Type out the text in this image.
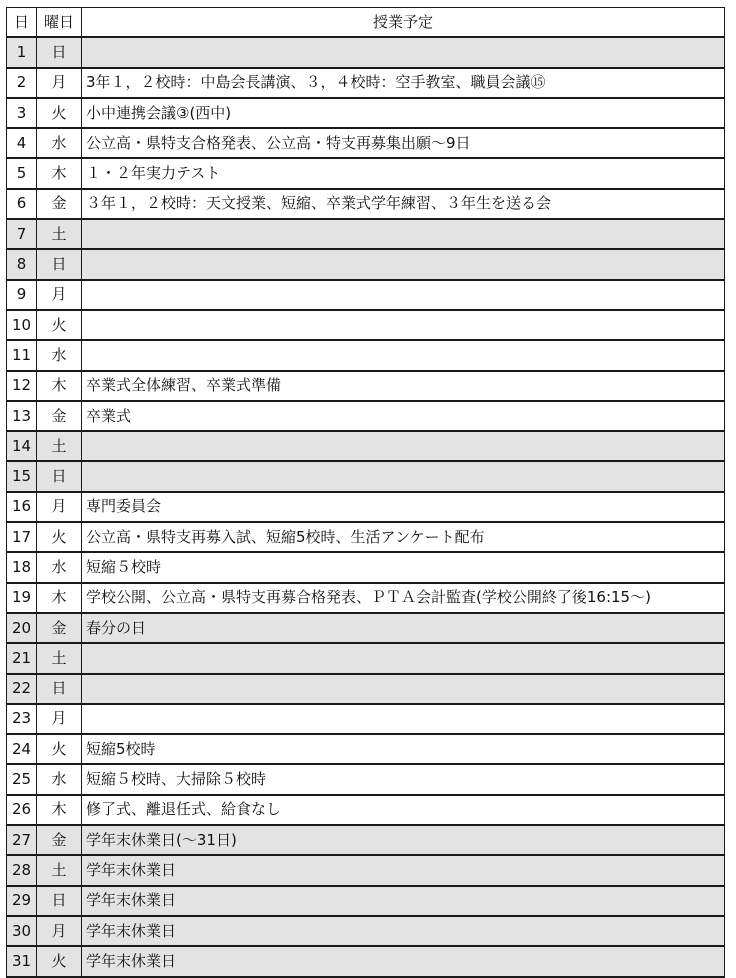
日	曜日	授業予定
1	日	
2	月	3年１，２校時：中島会長講演、３，４校時：空手教室、職員会議⑮
3	火	小中連携会議③(西中)
4	水	公立高・県特支合格発表、公立高・特支再募集出願～9日
5	木	１・２年実力テスト
6	金	３年１，２校時：天文授業、短縮、卒業式学年練習、３年生を送る会
7	土	
8	日	
9	月	
10	火	
11	水	
12	木	卒業式全体練習、卒業式準備
13	金	卒業式
14	土	
15	日	
16	月	専門委員会
17	火	公立高・県特支再募入試、短縮5校時、生活アンケート配布
18	水	短縮５校時
19	木	学校公開、公立高・県特支再募合格発表、ＰＴＡ会計監査(学校公開終了後16:15～)
20	金	春分の日
21	土	
22	日	
23	月	
24	火	短縮5校時
25	水	短縮５校時、大掃除５校時
26	木	修了式、離退任式、給食なし
27	金	学年末休業日(～31日)
28	土	学年末休業日
29	日	学年末休業日
30	月	学年末休業日
31	火	学年末休業日
